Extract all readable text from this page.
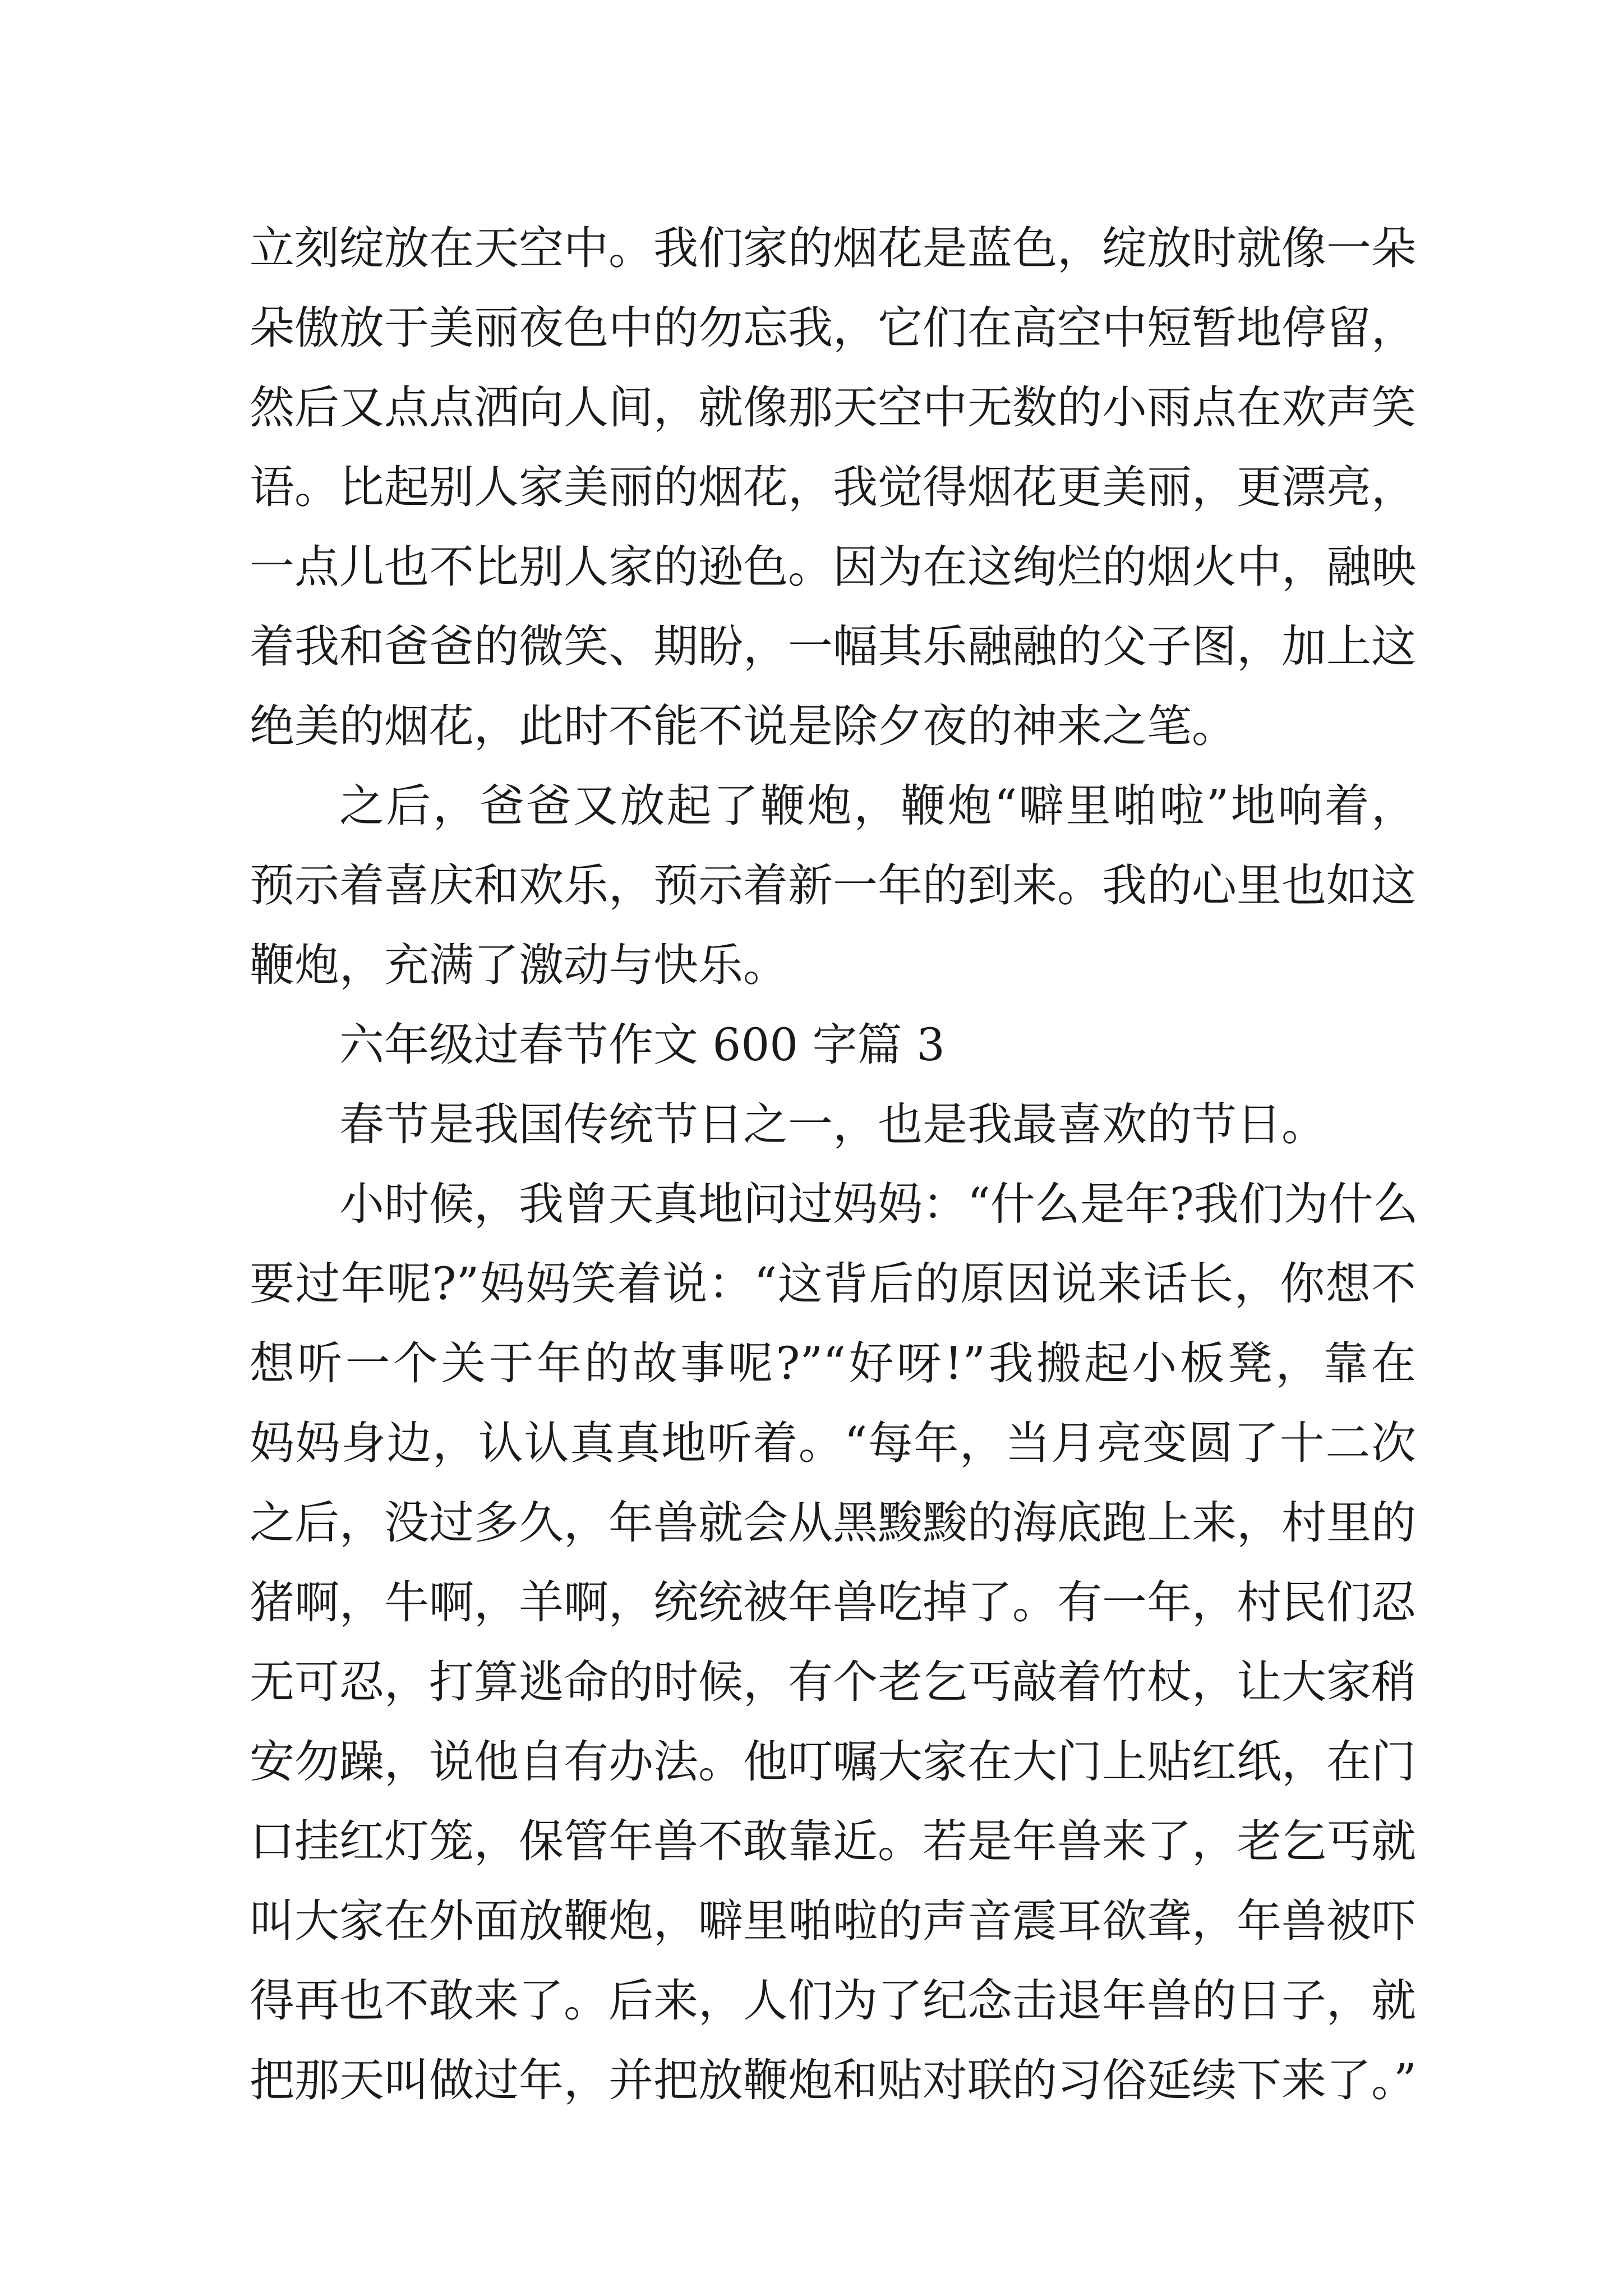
立刻绽放在天空中。我们家的烟花是蓝色，绽放时就像一朵
朵傲放于美丽夜色中的勿忘我，它们在高空中短暂地停留，
然后又点点洒向人间，就像那天空中无数的小雨点在欢声笑
语。比起别人家美丽的烟花，我觉得烟花更美丽，更漂亮，
一点儿也不比别人家的逊色。因为在这绚烂的烟火中，融映
着我和爸爸的微笑、期盼，一幅其乐融融的父子图，加上这
绝美的烟花，此时不能不说是除夕夜的神来之笔。
之后，爸爸又放起了鞭炮，鞭炮“噼里啪啦”地响着，
预示着喜庆和欢乐，预示着新一年的到来。我的心里也如这
鞭炮，充满了激动与快乐。
六年级过春节作文 600 字篇 3
春节是我国传统节日之一，也是我最喜欢的节日。
小时候，我曾天真地问过妈妈：“什么是年?我们为什么
要过年呢?”妈妈笑着说：“这背后的原因说来话长，你想不
想听一个关于年的故事呢?”“好呀!”我搬起小板凳，靠在
妈妈身边，认认真真地听着。“每年，当月亮变圆了十二次
之后，没过多久，年兽就会从黑黢黢的海底跑上来，村里的
猪啊，牛啊，羊啊，统统被年兽吃掉了。有一年，村民们忍
无可忍，打算逃命的时候，有个老乞丐敲着竹杖，让大家稍
安勿躁，说他自有办法。他叮嘱大家在大门上贴红纸，在门
口挂红灯笼，保管年兽不敢靠近。若是年兽来了，老乞丐就
叫大家在外面放鞭炮，噼里啪啦的声音震耳欲聋，年兽被吓
得再也不敢来了。后来，人们为了纪念击退年兽的日子，就
把那天叫做过年，并把放鞭炮和贴对联的习俗延续下来了。”
